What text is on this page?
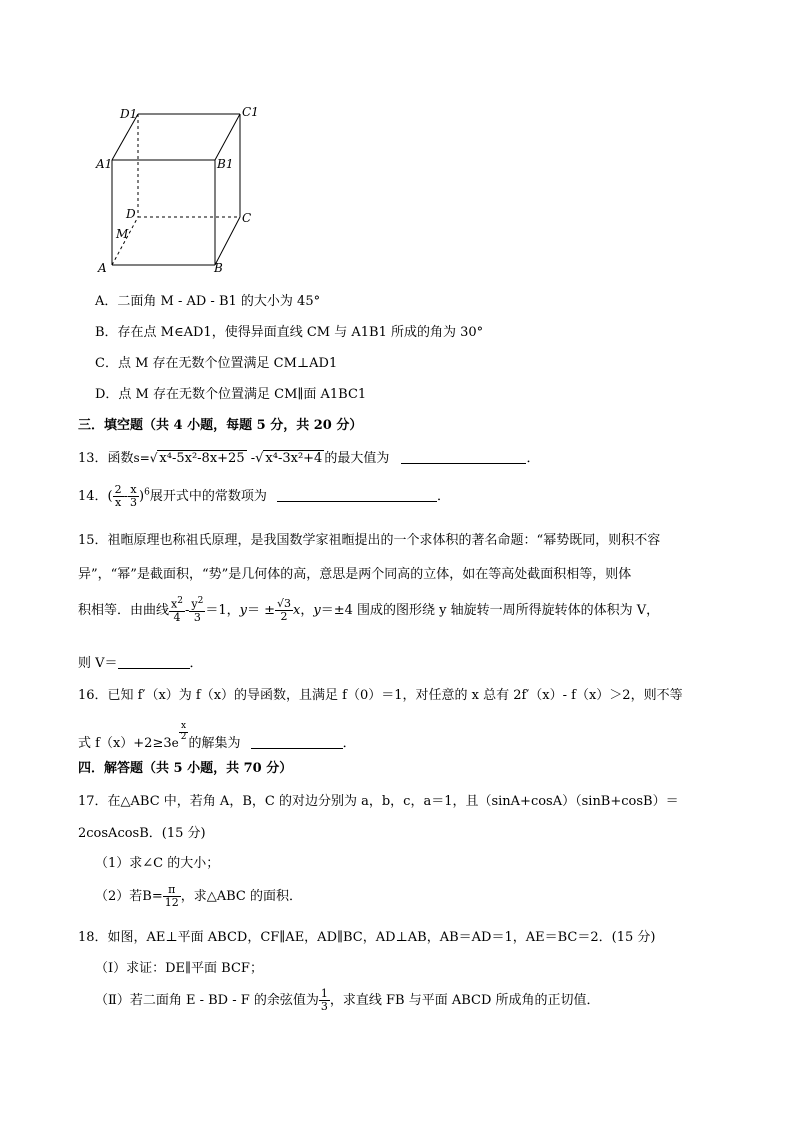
D1	C1
A1	B1
D	C
M
A	B
A．二面角 M - AD - B1 的大小为 45°
B．存在点 M∈AD1，使得异面直线 CM 与 A1B1 所成的角为 30°
C．点 M 存在无数个位置满足 CM⊥AD1
D．点 M 存在无数个位置满足 CM∥面 A1BC1
三．填空题（共 4 小题，每题 5 分，共 20 分）
13．函数s=√ x⁴-5x²-8x+25 -√ x⁴-3x²+4 的最大值为	．
14．( $\frac{2}{x} - \frac{x}{3} )^6$展开式中的常数项为	．
15．祖暅原理也称祖氏原理，是我国数学家祖暅提出的一个求体积的著名命题：“幂势既同，则积不容
异”，“幂”是截面积，“势”是几何体的高，意思是两个同高的立体，如在等高处截面积相等，则体
积相等．由曲线 $\frac{x^2}{4} - \frac{y^2}{3} =1$，$y= \pm \frac{√3}{2}$ x，y＝±4 围成的图形绕 y 轴旋转一周所得旋转体的体积为 V，
则 V＝	．
16．已知 f′（x）为 f（x）的导函数，且满足 f（0）＝1，对任意的 x 总有 2f′（x）- f（x）＞2，则不等
式 f（x）+2≥3e
$\frac{x}{2}$
的解集为	．
四．解答题（共 5 小题，共 70 分）
17．在△ABC 中，若角 A，B，C 的对边分别为 a，b，c，a＝1，且（sinA+cosA）（sinB+cosB）＝
2cosAcosB．(15 分)
（1）求∠C 的大小；
（2）若$B= \frac{\pi}{12}$ ，求△ABC 的面积．
18．如图，AE⊥平面 ABCD，CF∥AE，AD∥BC，AD⊥AB，AB＝AD＝1，AE＝BC＝2．(15 分)
（Ⅰ）求证：DE∥平面 BCF；
（Ⅱ）若二面角 E - BD - F 的余弦值为 $\frac{1}{3}$ ，求直线 FB 与平面 ABCD 所成角的正切值．
